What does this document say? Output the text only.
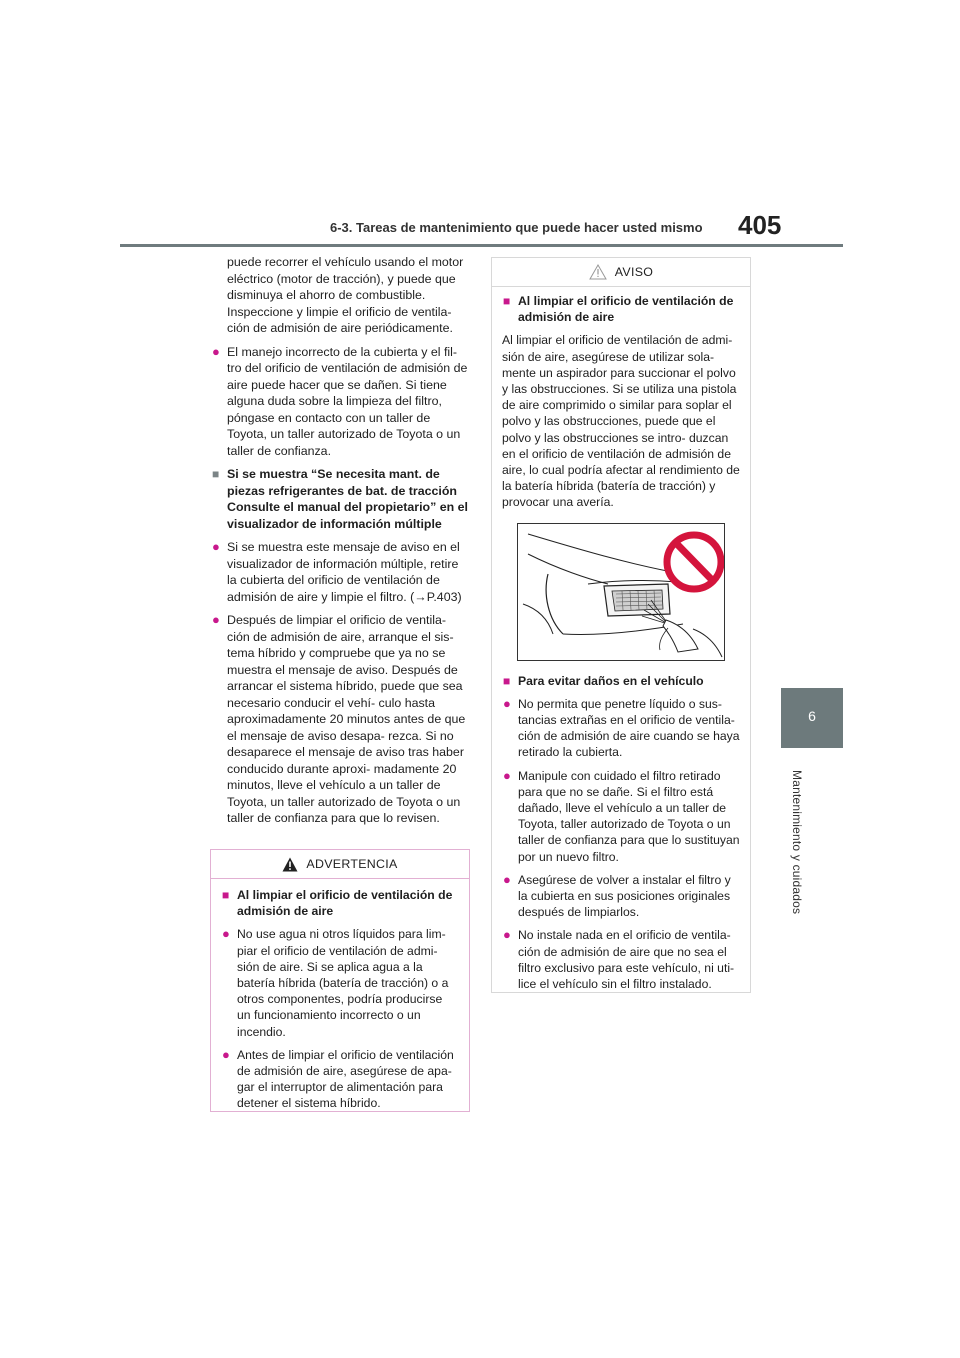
6-3. Tareas de mantenimiento que puede hacer usted mismo 405
6
Mantenimiento y cuidados

puede recorrer el vehículo usando el motor eléctrico (motor de tracción), y puede que disminuya el ahorro de combustible. Inspeccione y limpie el orificio de ventila- ción de admisión de aire periódicamente.

● El manejo incorrecto de la cubierta y el fil- tro del orificio de ventilación de admisión de aire puede hacer que se dañen. Si tiene alguna duda sobre la limpieza del filtro, póngase en contacto con un taller de Toyota, un taller autorizado de Toyota o un taller de confianza.
■ Si se muestra “Se necesita mant. de piezas refrigerantes de bat. de tracción Consulte el manual del propietario” en el visualizador de información múltiple
● Si se muestra este mensaje de aviso en el visualizador de información múltiple, retire la cubierta del orificio de ventilación de admisión de aire y limpie el filtro. (→P.403)
● Después de limpiar el orificio de ventila- ción de admisión de aire, arranque el sis- tema híbrido y compruebe que ya no se muestra el mensaje de aviso. Después de arrancar el sistema híbrido, puede que sea necesario conducir el vehí- culo hasta aproximadamente 20 minutos antes de que el mensaje de aviso desapa- rezca. Si no desaparece el mensaje de aviso tras haber conducido durante aproxi- madamente 20 minutos, lleve el vehículo a un taller de Toyota, un taller autorizado de Toyota o un taller de confianza para que lo revisen.
ADVERTENCIA
■ Al limpiar el orificio de ventilación de admisión de aire
● No use agua ni otros líquidos para lim- piar el orificio de ventilación de admi- sión de aire. Si se aplica agua a la batería híbrida (batería de tracción) o a otros componentes, podría producirse un funcionamiento incorrecto o un incendio.
● Antes de limpiar el orificio de ventilación de admisión de aire, asegúrese de apa- gar el interruptor de alimentación para detener el sistema híbrido.
AVISO
■ Al limpiar el orificio de ventilación de admisión de aire

Al limpiar el orificio de ventilación de admi- sión de aire, asegúrese de utilizar sola- mente un aspirador para succionar el polvo y las obstrucciones. Si se utiliza una pistola de aire comprimido o similar para soplar el polvo y las obstrucciones, puede que el polvo y las obstrucciones se intro- duzcan en el orificio de ventilación de admisión de aire, lo cual podría afectar al rendimiento de la batería híbrida (batería de tracción) y provocar una avería.

■ Para evitar daños en el vehículo
● No permita que penetre líquido o sus- tancias extrañas en el orificio de ventila- ción de admisión de aire cuando se haya retirado la cubierta.
● Manipule con cuidado el filtro retirado para que no se dañe. Si el filtro está dañado, lleve el vehículo a un taller de Toyota, taller autorizado de Toyota o un taller de confianza para que lo sustituyan por un nuevo filtro.
● Asegúrese de volver a instalar el filtro y la cubierta en sus posiciones originales después de limpiarlos.
● No instale nada en el orificio de ventila- ción de admisión de aire que no sea el filtro exclusivo para este vehículo, ni uti- lice el vehículo sin el filtro instalado.
